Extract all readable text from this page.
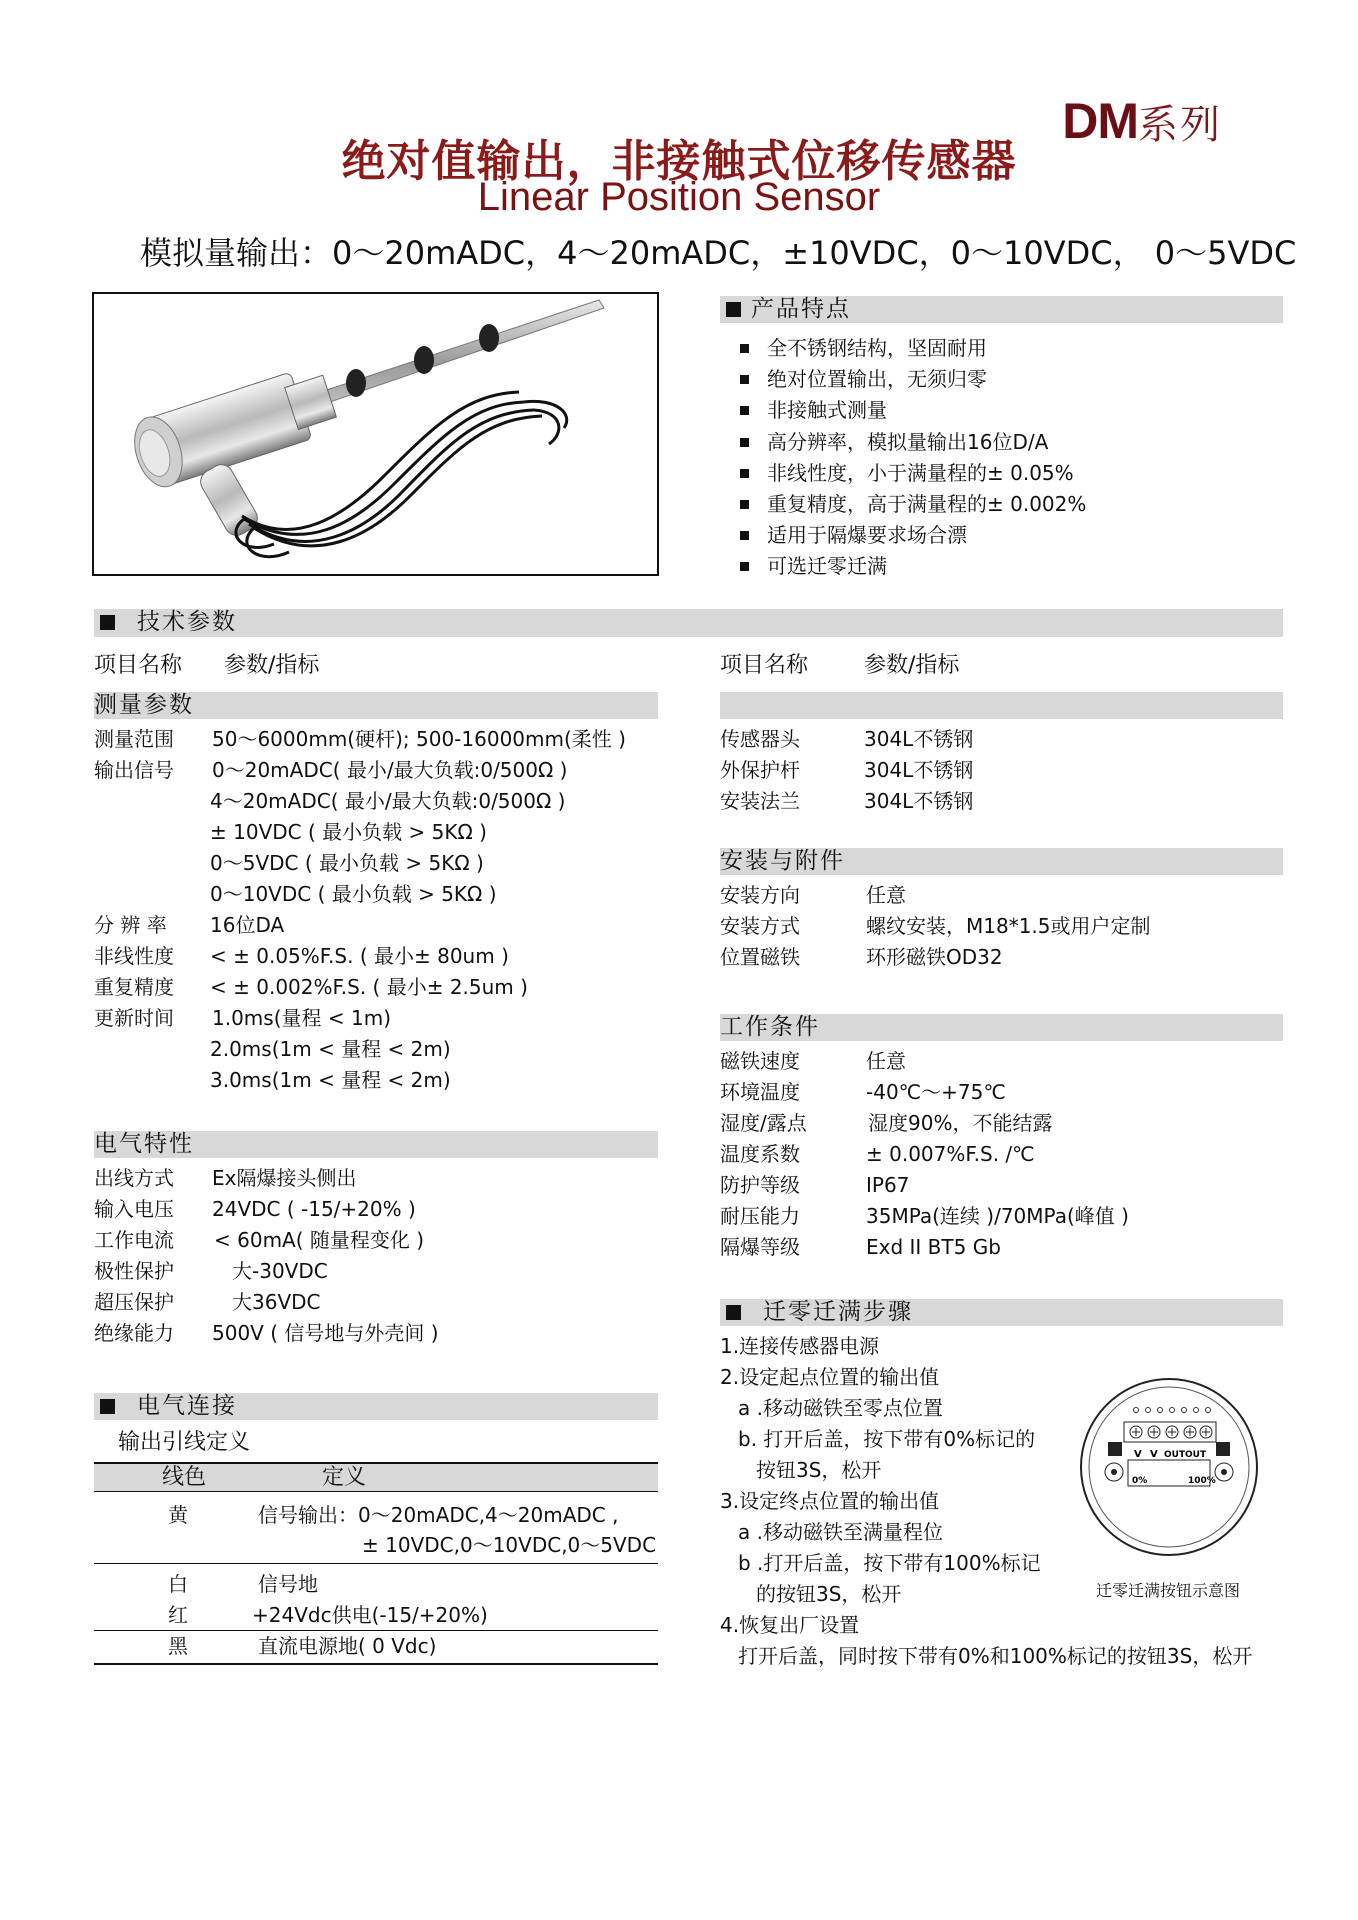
DM系列
绝对值输出，非接触式位移传感器
Linear Position Sensor
模拟量输出：0～20mADC，4～20mADC，±10VDC，0～10VDC， 0～5VDC
产品特点
全不锈钢结构，坚固耐用
绝对位置输出，无须归零
非接触式测量
高分辨率，模拟量输出16位D/A
非线性度，小于满量程的± 0.05%
重复精度，高于满量程的± 0.002%
适用于隔爆要求场合漂
可选迁零迁满
技术参数
项目名称 参数/指标	项目名称	参数/指标
测量参数
测量范围 50～6000mm(硬杆); 500-16000mm(柔性 )
输出信号 0～20mADC( 最小/最大负载:0/500Ω )
4～20mADC( 最小/最大负载:0/500Ω )
± 10VDC ( 最小负载 > 5KΩ )
0～5VDC ( 最小负载 > 5KΩ )
0～10VDC ( 最小负载 > 5KΩ )
分 辨 率 16位DA
非线性度 < ± 0.05%F.S. ( 最小± 80um )
重复精度 < ± 0.002%F.S. ( 最小± 2.5um )
更新时间 1.0ms(量程 < 1m)
2.0ms(1m < 量程 < 2m)
3.0ms(1m < 量程 < 2m)
传感器头	304L不锈钢
外保护杆	304L不锈钢
安装法兰	304L不锈钢
安装与附件
安装方向	任意
安装方式	螺纹安装，M18*1.5或用户定制
位置磁铁	环形磁铁OD32
工作条件
磁铁速度	任意
环境温度	-40℃～+75℃
湿度/露点	湿度90%，不能结露
温度系数	± 0.007%F.S. /℃
防护等级	IP67
耐压能力	35MPa(连续 )/70MPa(峰值 )
隔爆等级	Exd II BT5 Gb
电气特性
出线方式 Ex隔爆接头侧出
输入电压 24VDC ( -15/+20% )
工作电流 < 60mA( 随量程变化 )
极性保护	大-30VDC
超压保护	大36VDC
绝缘能力 500V ( 信号地与外壳间 )
电气连接
输出引线定义
线色	定义
黄	信号输出：0～20mADC,4～20mADC ,
± 10VDC,0～10VDC,0～5VDC
白	信号地
红	+24Vdc供电(-15/+20%)
黑	直流电源地( 0 Vdc)
迁零迁满步骤
1.连接传感器电源
2.设定起点位置的输出值
a .移动磁铁至零点位置
b. 打开后盖，按下带有0%标记的
按钮3S，松开
3.设定终点位置的输出值
a .移动磁铁至满量程位
b .打开后盖，按下带有100%标记
的按钮3S，松开
4.恢复出厂设置
打开后盖，同时按下带有0%和100%标记的按钮3S，松开
V V OUT OUT
0%	100%
迁零迁满按钮示意图
